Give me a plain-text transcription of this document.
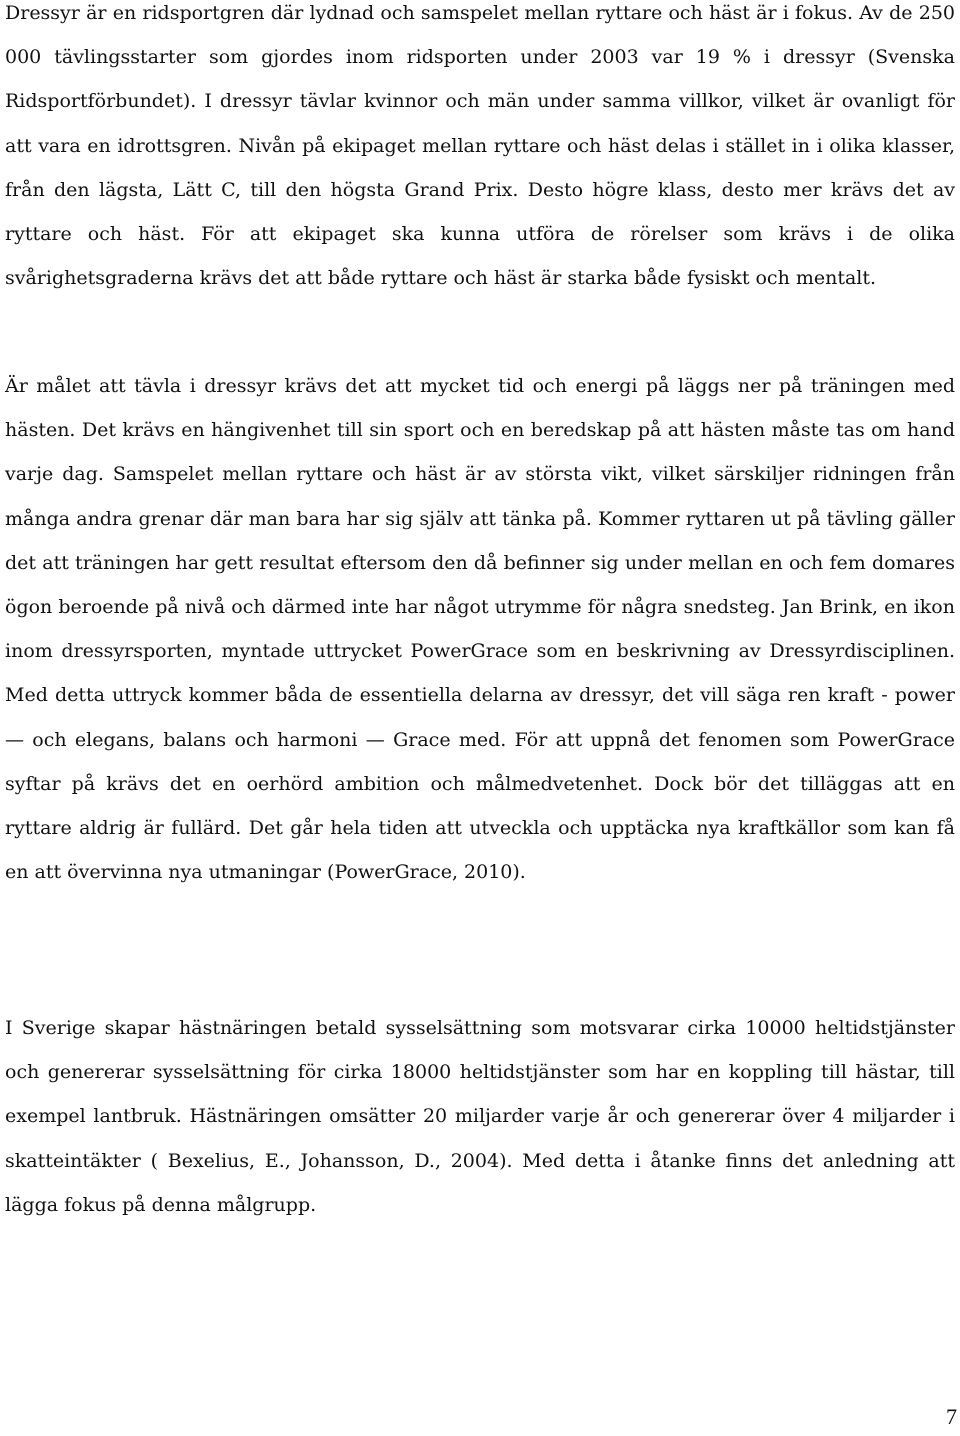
Dressyr är en ridsportgren där lydnad och samspelet mellan ryttare och häst är i fokus. Av de 250 000 tävlingsstarter som gjordes inom ridsporten under 2003 var 19 % i dressyr (Svenska Ridsportförbundet). I dressyr tävlar kvinnor och män under samma villkor, vilket är ovanligt för att vara en idrottsgren. Nivån på ekipaget mellan ryttare och häst delas i stället in i olika klasser, från den lägsta, Lätt C, till den högsta Grand Prix. Desto högre klass, desto mer krävs det av ryttare och häst. För att ekipaget ska kunna utföra de rörelser som krävs i de olika svårighetsgraderna krävs det att både ryttare och häst är starka både fysiskt och mentalt.

Är målet att tävla i dressyr krävs det att mycket tid och energi på läggs ner på träningen med hästen. Det krävs en hängivenhet till sin sport och en beredskap på att hästen måste tas om hand varje dag. Samspelet mellan ryttare och häst är av största vikt, vilket särskiljer ridningen från många andra grenar där man bara har sig själv att tänka på. Kommer ryttaren ut på tävling gäller det att träningen har gett resultat eftersom den då befinner sig under mellan en och fem domares ögon beroende på nivå och därmed inte har något utrymme för några snedsteg. Jan Brink, en ikon inom dressyrsporten, myntade uttrycket PowerGrace som en beskrivning av Dressyrdisciplinen. Med detta uttryck kommer båda de essentiella delarna av dressyr, det vill säga ren kraft - power — och elegans, balans och harmoni — Grace med. För att uppnå det fenomen som PowerGrace syftar på krävs det en oerhörd ambition och målmedvetenhet. Dock bör det tilläggas att en ryttare aldrig är fullärd. Det går hela tiden att utveckla och upptäcka nya kraftkällor som kan få en att övervinna nya utmaningar (PowerGrace, 2010).

I Sverige skapar hästnäringen betald sysselsättning som motsvarar cirka 10000 heltidstjänster och genererar sysselsättning för cirka 18000 heltidstjänster som har en koppling till hästar, till exempel lantbruk. Hästnäringen omsätter 20 miljarder varje år och genererar över 4 miljarder i skatteintäkter ( Bexelius, E., Johansson, D., 2004). Med detta i åtanke finns det anledning att lägga fokus på denna målgrupp.

7
